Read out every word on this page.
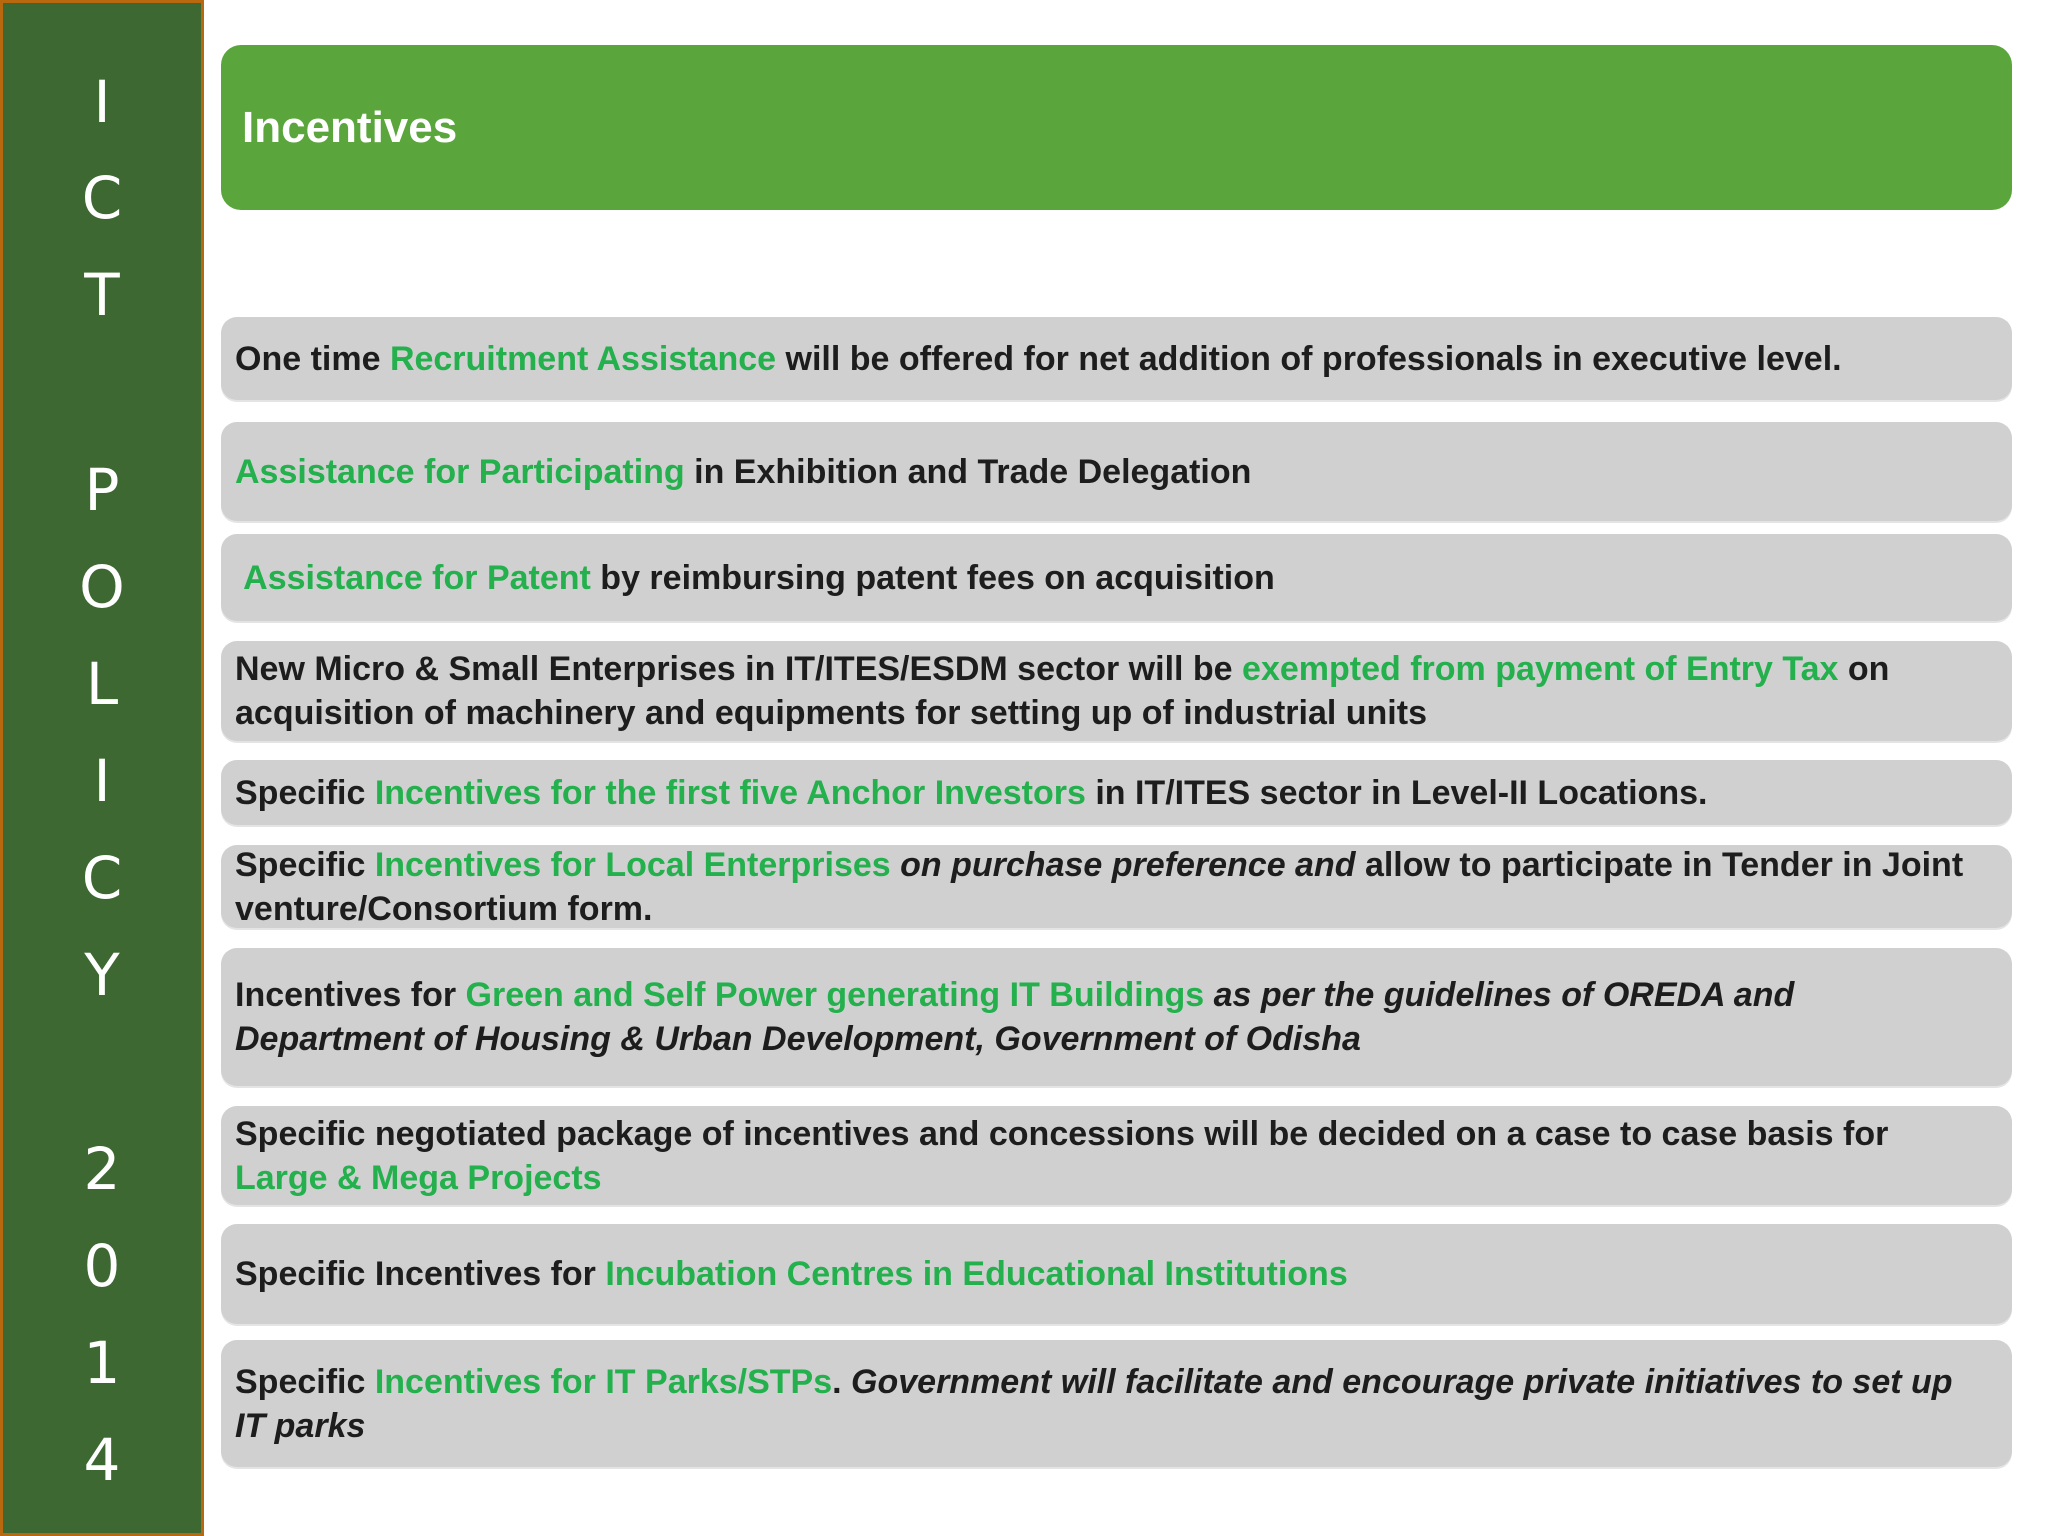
I
C
T
P
O
L
I
C
Y
2
0
1
4
Incentives
One time Recruitment Assistance will be offered for net addition of professionals in executive level.
Assistance for Participating in Exhibition and Trade Delegation
Assistance for Patent by reimbursing patent fees on acquisition
New Micro & Small Enterprises in IT/ITES/ESDM sector will be exempted from payment of Entry Tax on acquisition of machinery and equipments for setting up of industrial units
Specific Incentives for the first five Anchor Investors in IT/ITES sector in Level-II Locations.
Specific Incentives for Local Enterprises on purchase preference and allow to participate in Tender in Joint venture/Consortium form.
Incentives for Green and Self Power generating IT Buildings as per the guidelines of OREDA and Department of Housing & Urban Development, Government of Odisha
Specific negotiated package of incentives and concessions will be decided on a case to case basis for Large & Mega Projects
Specific Incentives for Incubation Centres in Educational Institutions
Specific Incentives for IT Parks/STPs. Government will facilitate and encourage private initiatives to set up IT parks
